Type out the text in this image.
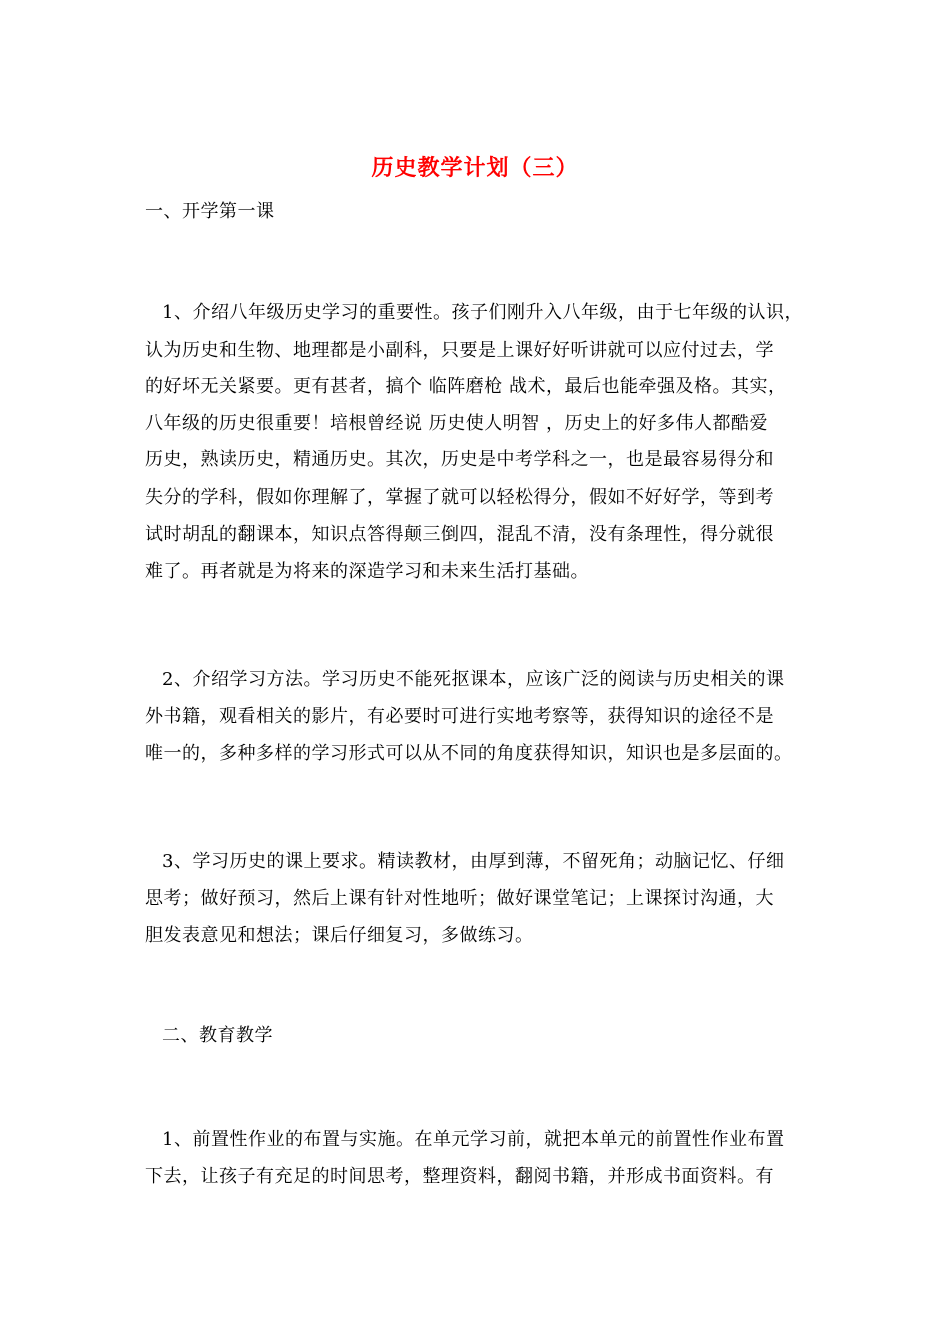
历史教学计划（三）
一、开学第一课
1、介绍八年级历史学习的重要性。孩子们刚升入八年级，由于七年级的认识，
认为历史和生物、地理都是小副科，只要是上课好好听讲就可以应付过去，学
的好坏无关紧要。更有甚者，搞个 临阵磨枪 战术，最后也能牵强及格。其实，
八年级的历史很重要！培根曾经说 历史使人明智 ，历史上的好多伟人都酷爱
历史，熟读历史，精通历史。其次，历史是中考学科之一，也是最容易得分和
失分的学科，假如你理解了，掌握了就可以轻松得分，假如不好好学，等到考
试时胡乱的翻课本，知识点答得颠三倒四，混乱不清，没有条理性，得分就很
难了。再者就是为将来的深造学习和未来生活打基础。
2、介绍学习方法。学习历史不能死抠课本，应该广泛的阅读与历史相关的课
外书籍，观看相关的影片，有必要时可进行实地考察等，获得知识的途径不是
唯一的，多种多样的学习形式可以从不同的角度获得知识，知识也是多层面的。
3、学习历史的课上要求。精读教材，由厚到薄，不留死角；动脑记忆、仔细
思考；做好预习，然后上课有针对性地听；做好课堂笔记；上课探讨沟通，大
胆发表意见和想法；课后仔细复习，多做练习。
二、教育教学
1、前置性作业的布置与实施。在单元学习前，就把本单元的前置性作业布置
下去，让孩子有充足的时间思考，整理资料，翻阅书籍，并形成书面资料。有
